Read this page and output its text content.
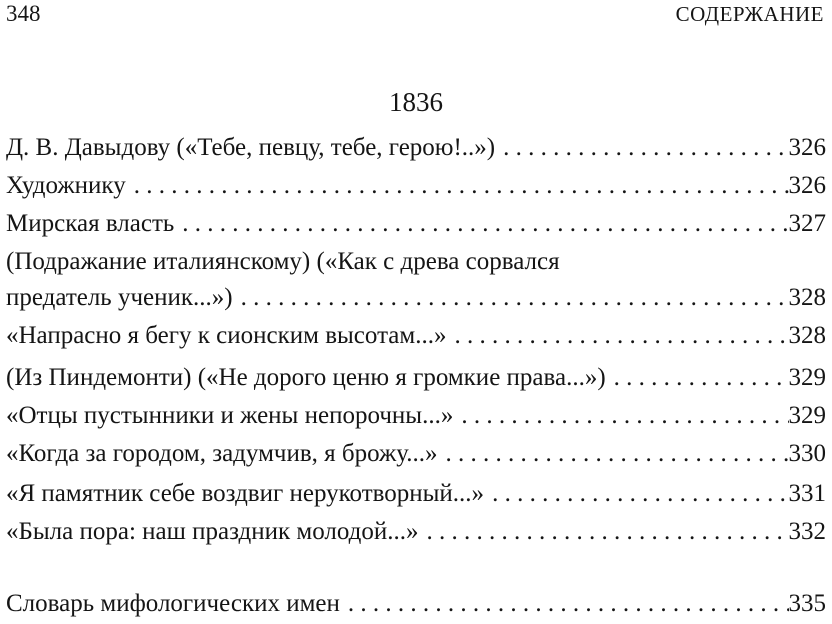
348	СОДЕРЖАНИЕ
1836
Д. В. Давыдову («Тебе, певцу, тебе, герою!..») . . .	326
Художнику . . .	326
Мирская власть . . .	327
(Подражание италиянскому) («Как с древа сорвался
предатель ученик...») . . .	328
«Напрасно я бегу к сионским высотам...» . . .	328
(Из Пиндемонти) («Не дорого ценю я громкие права...») . . .	329
«Отцы пустынники и жены непорочны...» . . .	329
«Когда за городом, задумчив, я брожу...» . . .	330
«Я памятник себе воздвиг нерукотворный...» . . .	331
«Была пора: наш праздник молодой...» . . .	332
Словарь мифологических имен . . .	335
